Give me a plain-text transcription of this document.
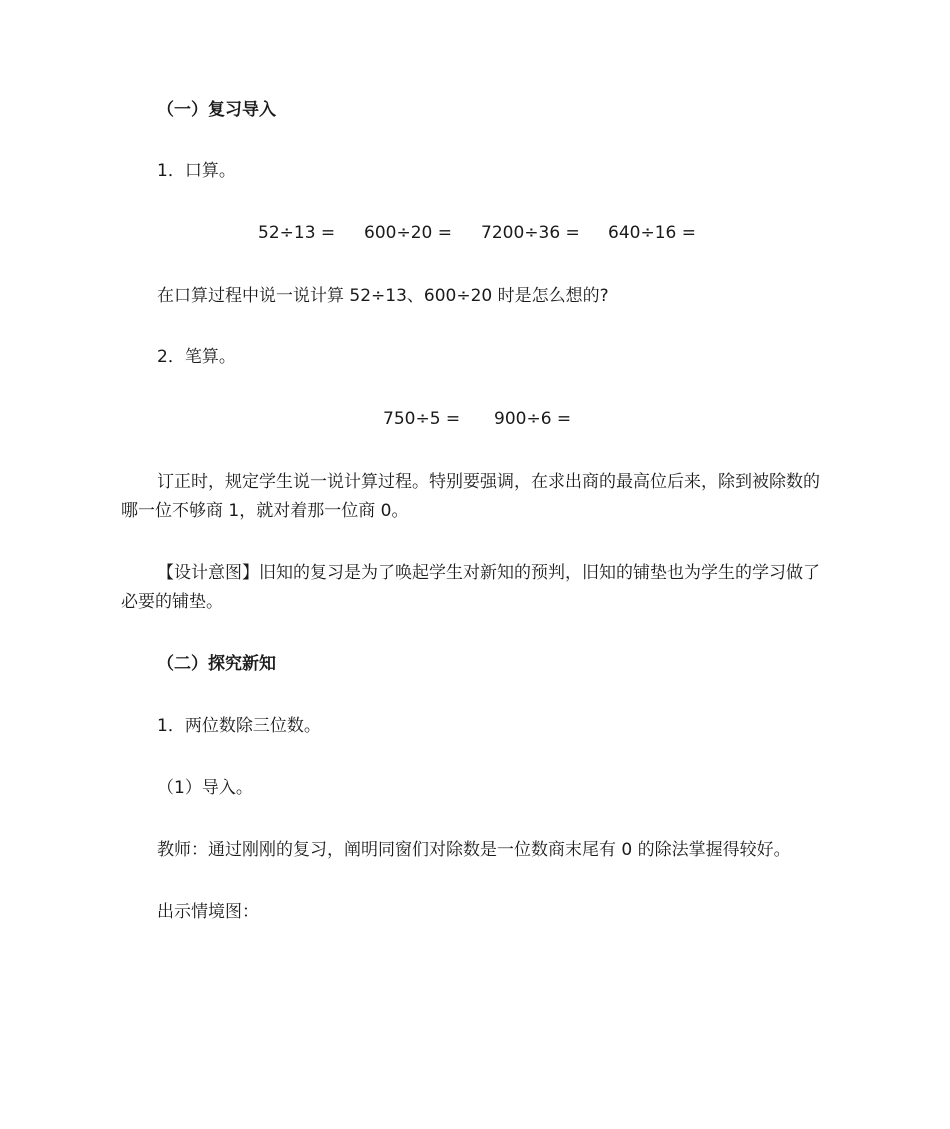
（一）复习导入
1．口算。
52÷13 = 600÷20 = 7200÷36 = 640÷16 =
在口算过程中说一说计算 52÷13、600÷20 时是怎么想的?
2．笔算。
750÷5 = 900÷6 =
订正时，规定学生说一说计算过程。特别要强调，在求出商的最高位后来，除到被除数的哪一位不够商 1，就对着那一位商 0。
【设计意图】旧知的复习是为了唤起学生对新知的预判，旧知的铺垫也为学生的学习做了必要的铺垫。
（二）探究新知
1．两位数除三位数。
（1）导入。
教师：通过刚刚的复习，阐明同窗们对除数是一位数商末尾有 0 的除法掌握得较好。
出示情境图：
